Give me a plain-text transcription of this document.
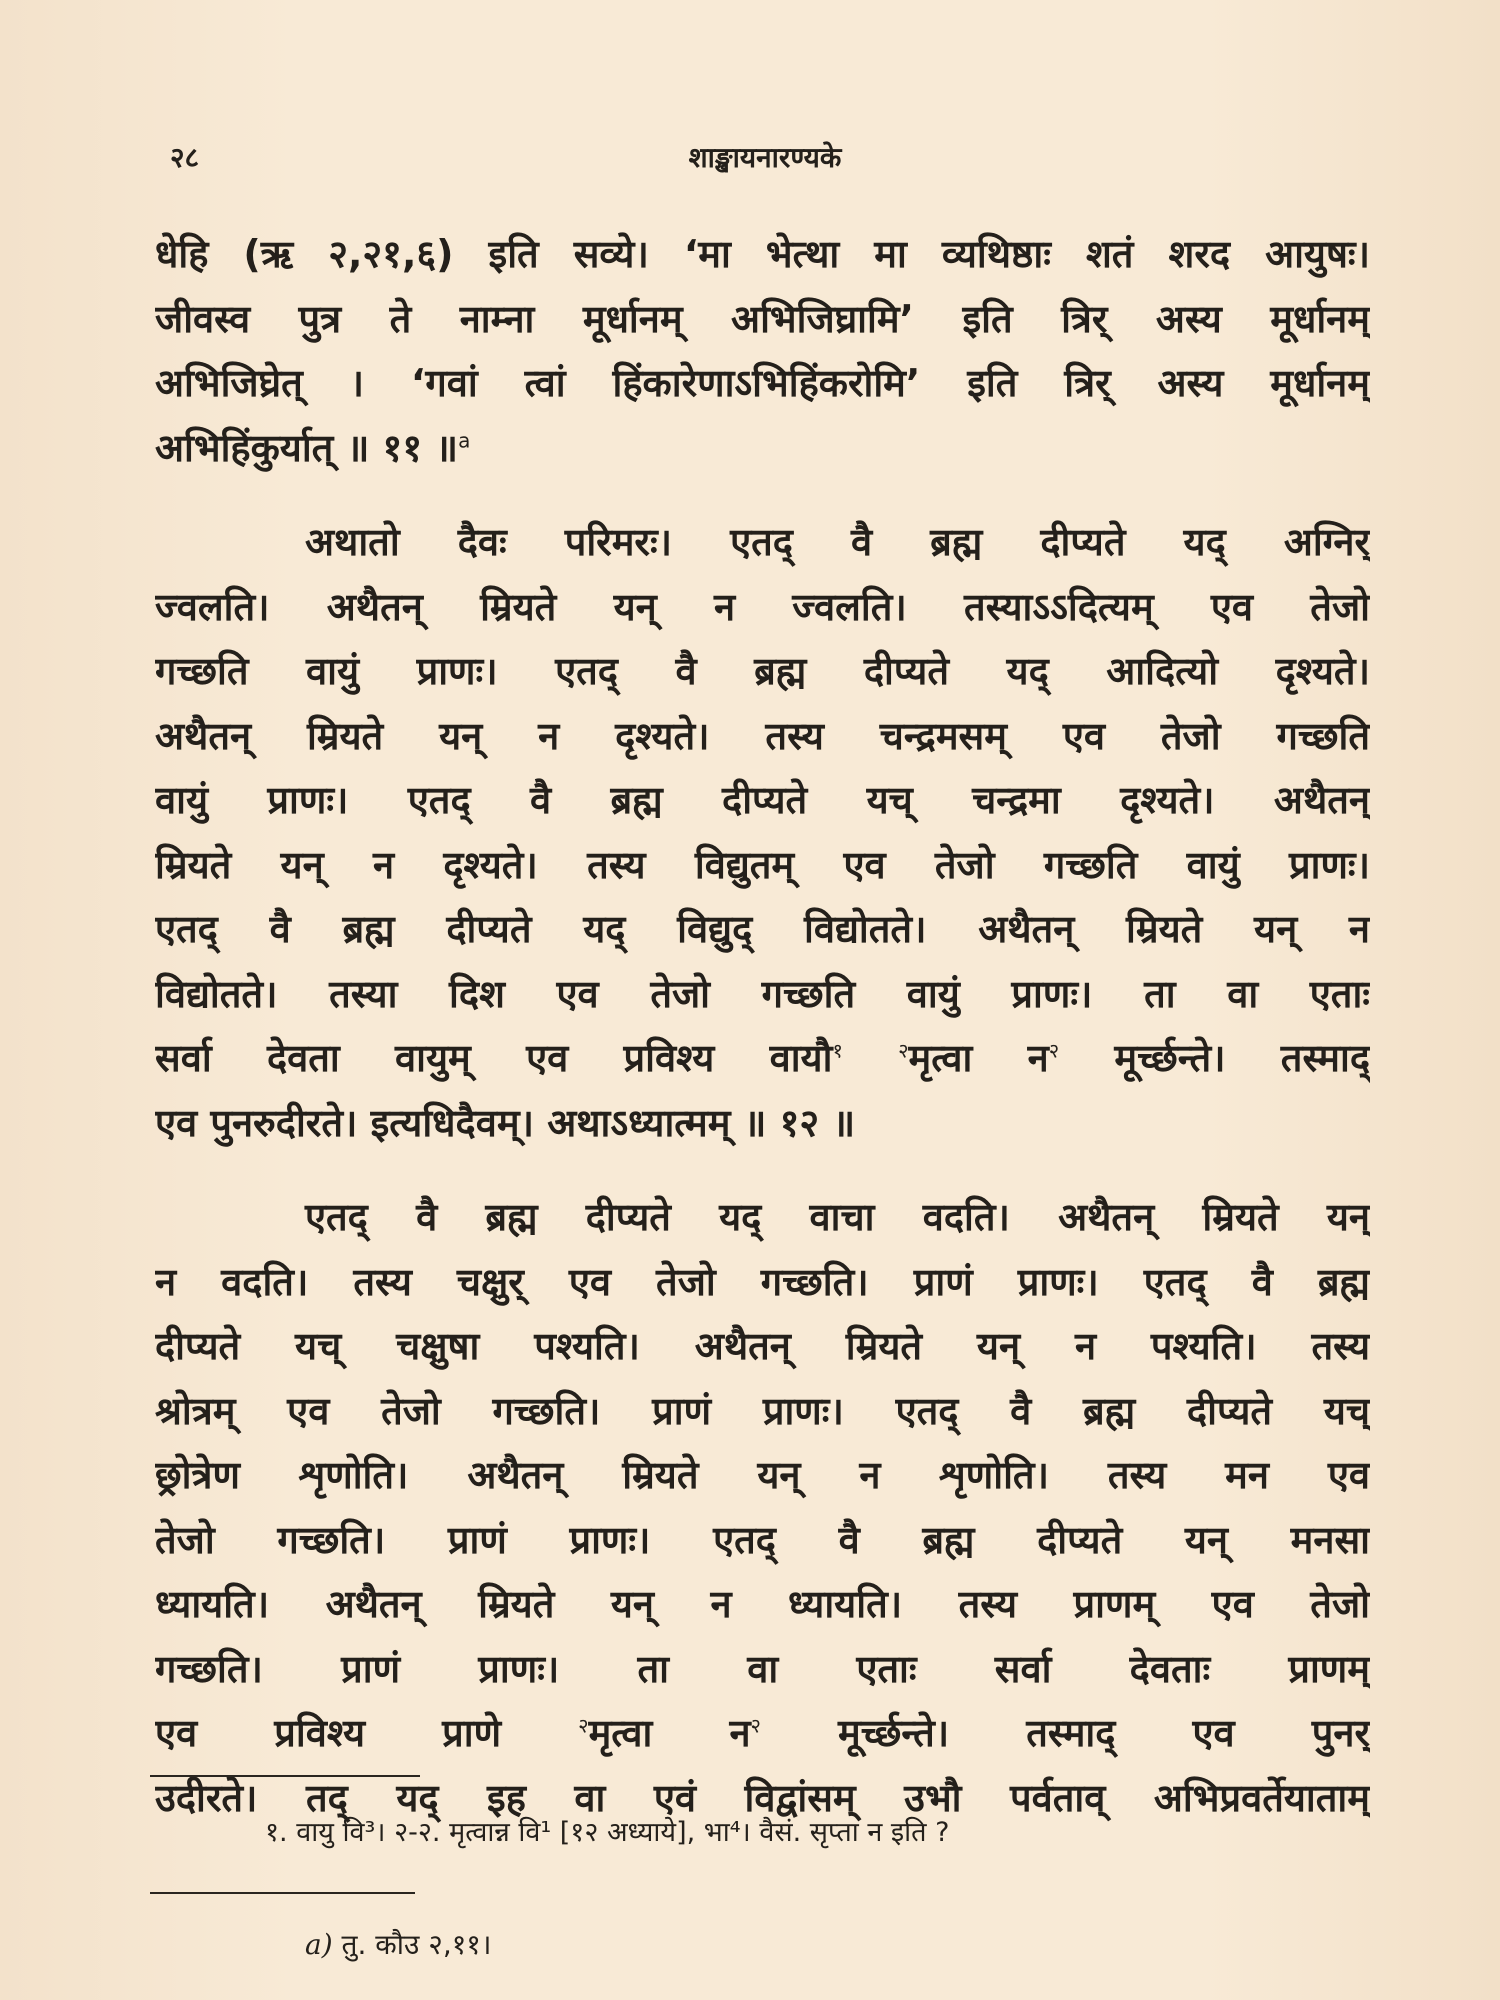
२८	शाङ्खायनारण्यके
धेहि (ऋ २,२१,६) इति सव्ये। ‘मा भेत्था मा व्यथिष्ठाः शतं शरद आयुषः।
जीवस्व पुत्र ते नाम्ना मूर्धानम् अभिजिघ्रामि’ इति त्रिर् अस्य मूर्धानम्
अभिजिघ्रेत् । ‘गवां त्वां हिंकारेणाऽभिहिंकरोमि’ इति त्रिर् अस्य मूर्धानम्
अभिहिंकुर्यात् ॥ ११ ॥$^a$
अथातो दैवः परिमरः। एतद् वै ब्रह्म दीप्यते यद् अग्निर्
ज्वलति। अथैतन् म्रियते यन् न ज्वलति। तस्याऽऽदित्यम् एव तेजो
गच्छति वायुं प्राणः। एतद् वै ब्रह्म दीप्यते यद् आदित्यो दृश्यते।
अथैतन् म्रियते यन् न दृश्यते। तस्य चन्द्रमसम् एव तेजो गच्छति
वायुं प्राणः। एतद् वै ब्रह्म दीप्यते यच् चन्द्रमा दृश्यते। अथैतन्
म्रियते यन् न दृश्यते। तस्य विद्युतम् एव तेजो गच्छति वायुं प्राणः।
एतद् वै ब्रह्म दीप्यते यद् विद्युद् विद्योतते। अथैतन् म्रियते यन् न
विद्योतते। तस्या दिश एव तेजो गच्छति वायुं प्राणः। ता वा एताः
सर्वा देवता वायुम् एव प्रविश्य वायौ$^१$	$^२$मृत्वा न$^२$ मूर्च्छन्ते। तस्माद्
एव पुनरुदीरते। इत्यधिदैवम्। अथाऽध्यात्मम् ॥ १२ ॥
एतद् वै ब्रह्म दीप्यते यद् वाचा वदति। अथैतन् म्रियते यन्
न वदति। तस्य चक्षुर् एव तेजो गच्छति। प्राणं प्राणः। एतद् वै ब्रह्म
दीप्यते यच् चक्षुषा पश्यति। अथैतन् म्रियते यन् न पश्यति। तस्य
श्रोत्रम् एव तेजो गच्छति। प्राणं प्राणः। एतद् वै ब्रह्म दीप्यते यच्
छ्रोत्रेण शृणोति। अथैतन् म्रियते यन् न शृणोति। तस्य मन एव
तेजो गच्छति। प्राणं प्राणः। एतद् वै ब्रह्म दीप्यते यन् मनसा
ध्यायति। अथैतन् म्रियते यन् न ध्यायति। तस्य प्राणम् एव तेजो
गच्छति। प्राणं प्राणः। ता वा एताः सर्वा देवताः प्राणम्
एव प्रविश्य प्राणे	$^२$मृत्वा न$^२$ मूर्च्छन्ते। तस्माद् एव पुनर्
उदीरते। तद् यद् इह वा एवं विद्वांसम् उभौ पर्वताव् अभिप्रवर्तेयाताम्
१. वायु वि³। २-२. मृत्वान्न वि¹ [१२ अध्याये], भा⁴। वैसं. सृप्ता न इति ?
a) तु. कौउ २,११।
